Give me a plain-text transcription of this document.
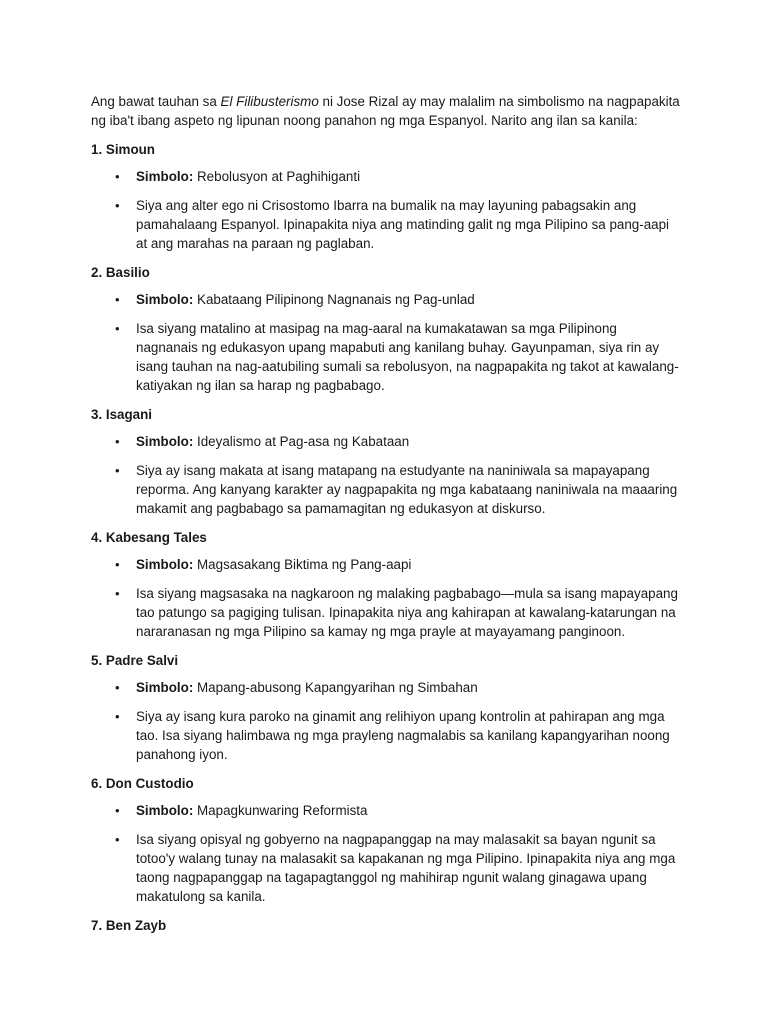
Ang bawat tauhan sa El Filibusterismo ni Jose Rizal ay may malalim na simbolismo na nagpapakita ng iba't ibang aspeto ng lipunan noong panahon ng mga Espanyol. Narito ang ilan sa kanila:

1. Simoun
• Simbolo: Rebolusyon at Paghihiganti
• Siya ang alter ego ni Crisostomo Ibarra na bumalik na may layuning pabagsakin ang pamahalaang Espanyol. Ipinapakita niya ang matinding galit ng mga Pilipino sa pang-aapi at ang marahas na paraan ng paglaban.
2. Basilio
• Simbolo: Kabataang Pilipinong Nagnanais ng Pag-unlad
• Isa siyang matalino at masipag na mag-aaral na kumakatawan sa mga Pilipinong nagnanais ng edukasyon upang mapabuti ang kanilang buhay. Gayunpaman, siya rin ay isang tauhan na nag-aatubiling sumali sa rebolusyon, na nagpapakita ng takot at kawalang-katiyakan ng ilan sa harap ng pagbabago.
3. Isagani
• Simbolo: Ideyalismo at Pag-asa ng Kabataan
• Siya ay isang makata at isang matapang na estudyante na naniniwala sa mapayapang reporma. Ang kanyang karakter ay nagpapakita ng mga kabataang naniniwala na maaaring makamit ang pagbabago sa pamamagitan ng edukasyon at diskurso.
4. Kabesang Tales
• Simbolo: Magsasakang Biktima ng Pang-aapi
• Isa siyang magsasaka na nagkaroon ng malaking pagbabago—mula sa isang mapayapang tao patungo sa pagiging tulisan. Ipinapakita niya ang kahirapan at kawalang-katarungan na nararanasan ng mga Pilipino sa kamay ng mga prayle at mayayamang panginoon.
5. Padre Salvi
• Simbolo: Mapang-abusong Kapangyarihan ng Simbahan
• Siya ay isang kura paroko na ginamit ang relihiyon upang kontrolin at pahirapan ang mga tao. Isa siyang halimbawa ng mga prayleng nagmalabis sa kanilang kapangyarihan noong panahong iyon.
6. Don Custodio
• Simbolo: Mapagkunwaring Reformista
• Isa siyang opisyal ng gobyerno na nagpapanggap na may malasakit sa bayan ngunit sa totoo'y walang tunay na malasakit sa kapakanan ng mga Pilipino. Ipinapakita niya ang mga taong nagpapanggap na tagapagtanggol ng mahihirap ngunit walang ginagawa upang makatulong sa kanila.
7. Ben Zayb
